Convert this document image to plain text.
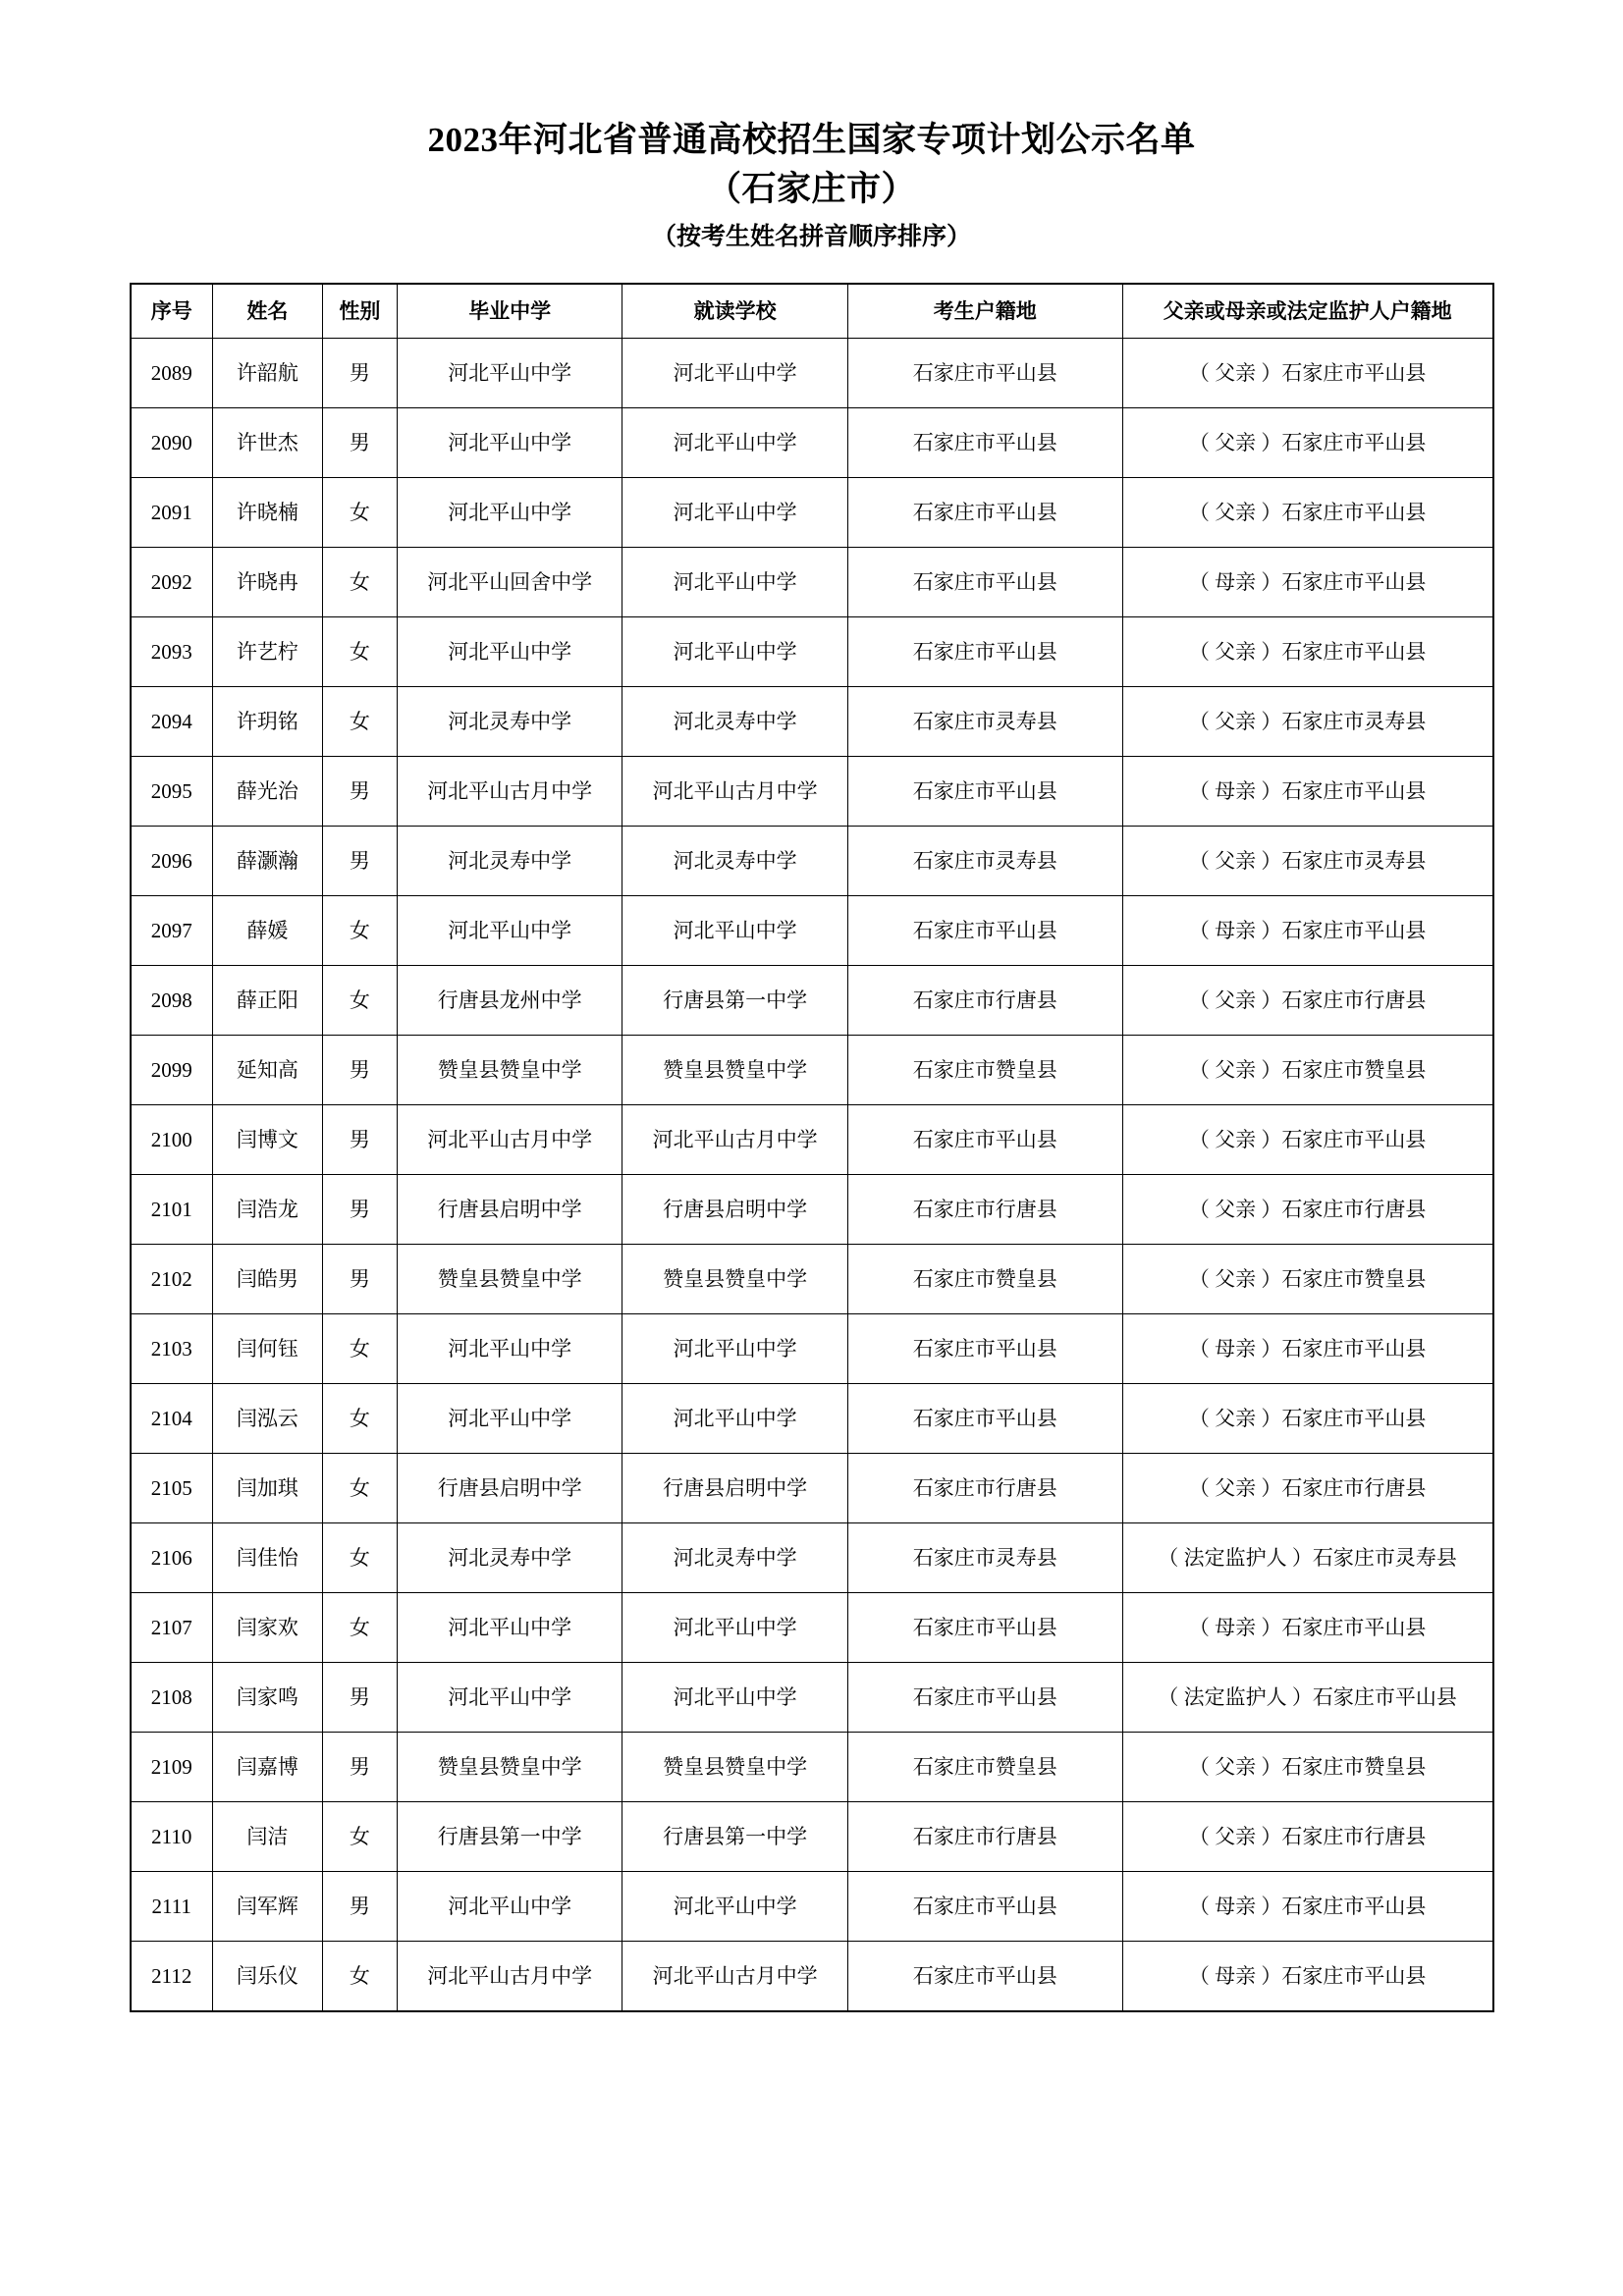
2023年河北省普通高校招生国家专项计划公示名单
（石家庄市）
（按考生姓名拼音顺序排序）
序号	姓名	性别	毕业中学	就读学校	考生户籍地	父亲或母亲或法定监护人户籍地
2089	许韶航	男	河北平山中学	河北平山中学	石家庄市平山县	（ 父亲 ）石家庄市平山县
2090	许世杰	男	河北平山中学	河北平山中学	石家庄市平山县	（ 父亲 ）石家庄市平山县
2091	许晓楠	女	河北平山中学	河北平山中学	石家庄市平山县	（ 父亲 ）石家庄市平山县
2092	许晓冉	女	河北平山回舍中学	河北平山中学	石家庄市平山县	（ 母亲 ）石家庄市平山县
2093	许艺柠	女	河北平山中学	河北平山中学	石家庄市平山县	（ 父亲 ）石家庄市平山县
2094	许玥铭	女	河北灵寿中学	河北灵寿中学	石家庄市灵寿县	（ 父亲 ）石家庄市灵寿县
2095	薛光治	男	河北平山古月中学	河北平山古月中学	石家庄市平山县	（ 母亲 ）石家庄市平山县
2096	薛灏瀚	男	河北灵寿中学	河北灵寿中学	石家庄市灵寿县	（ 父亲 ）石家庄市灵寿县
2097	薛媛	女	河北平山中学	河北平山中学	石家庄市平山县	（ 母亲 ）石家庄市平山县
2098	薛正阳	女	行唐县龙州中学	行唐县第一中学	石家庄市行唐县	（ 父亲 ）石家庄市行唐县
2099	延知高	男	赞皇县赞皇中学	赞皇县赞皇中学	石家庄市赞皇县	（ 父亲 ）石家庄市赞皇县
2100	闫博文	男	河北平山古月中学	河北平山古月中学	石家庄市平山县	（ 父亲 ）石家庄市平山县
2101	闫浩龙	男	行唐县启明中学	行唐县启明中学	石家庄市行唐县	（ 父亲 ）石家庄市行唐县
2102	闫皓男	男	赞皇县赞皇中学	赞皇县赞皇中学	石家庄市赞皇县	（ 父亲 ）石家庄市赞皇县
2103	闫何钰	女	河北平山中学	河北平山中学	石家庄市平山县	（ 母亲 ）石家庄市平山县
2104	闫泓云	女	河北平山中学	河北平山中学	石家庄市平山县	（ 父亲 ）石家庄市平山县
2105	闫加琪	女	行唐县启明中学	行唐县启明中学	石家庄市行唐县	（ 父亲 ）石家庄市行唐县
2106	闫佳怡	女	河北灵寿中学	河北灵寿中学	石家庄市灵寿县	（ 法定监护人 ）石家庄市灵寿县
2107	闫家欢	女	河北平山中学	河北平山中学	石家庄市平山县	（ 母亲 ）石家庄市平山县
2108	闫家鸣	男	河北平山中学	河北平山中学	石家庄市平山县	（ 法定监护人 ）石家庄市平山县
2109	闫嘉博	男	赞皇县赞皇中学	赞皇县赞皇中学	石家庄市赞皇县	（ 父亲 ）石家庄市赞皇县
2110	闫洁	女	行唐县第一中学	行唐县第一中学	石家庄市行唐县	（ 父亲 ）石家庄市行唐县
2111	闫军辉	男	河北平山中学	河北平山中学	石家庄市平山县	（ 母亲 ）石家庄市平山县
2112	闫乐仪	女	河北平山古月中学	河北平山古月中学	石家庄市平山县	（ 母亲 ）石家庄市平山县
